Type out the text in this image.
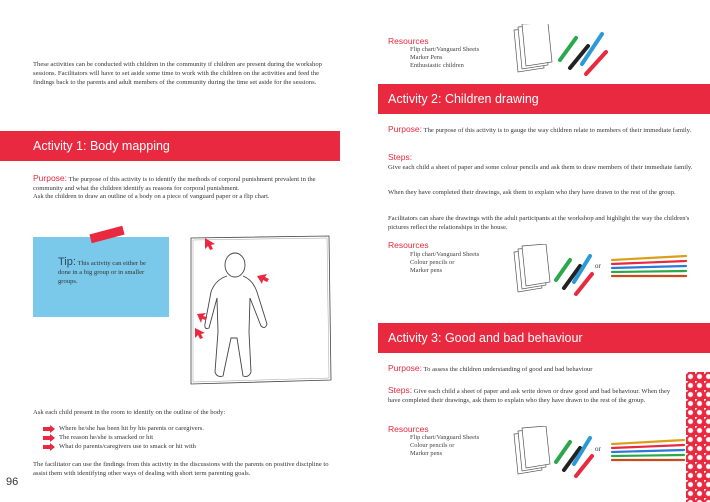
These activities can be conducted with children in the community if children are present during the workshop sessions. Facilitators will have to set aside some time to work with the children on the activities and feed the findings back to the parents and adult members of the community during the time set aside for the sessions.
Activity 1: Body mapping
Purpose: The purpose of this activity is to identify the methods of corporal punishment prevalent in the community and what the children identify as reasons for corporal punishment.
Ask the children to draw an outline of a body on a piece of vanguard paper or a flip chart.
Tip: This activity can either be done in a big group or in smaller groups.
Ask each child present in the room to identify on the outline of the body:
Where he/she has been hit by his parents or caregivers.
The reason he/she is smacked or hit
What do parents/caregivers use to smack or hit with
The facilitator can use the findings from this activity in the discussions with the parents on positive discipline to assist them with identifying other ways of dealing with short term parenting goals.
96
Resources
Flip chart/Vanguard Sheets
Marker Pens
Enthusiastic children
Activity 2: Children drawing
Purpose: The purpose of this activity is to gauge the way children relate to members of their immediate family.
Steps:
Give each child a sheet of paper and some colour pencils and ask them to draw members of their immediate family.
When they have completed their drawings, ask them to explain who they have drawn to the rest of the group.
Facilitators can share the drawings with the adult participants at the workshop and highlight the way the children's pictures reflect the relationships in the house.
Resources
Flip chart/Vanguard Sheets
Colour pencils or
Marker pens
or
Activity 3: Good and bad behaviour
Purpose: To assess the children understanding of good and bad behaviour
Steps: Give each child a sheet of paper and ask write down or draw good and bad behaviour. When they have completed their drawings, ask them to explain who they have drawn to the rest of the group.
Resources
Flip chart/Vanguard Sheets
Colour pencils or
Marker pens
or
